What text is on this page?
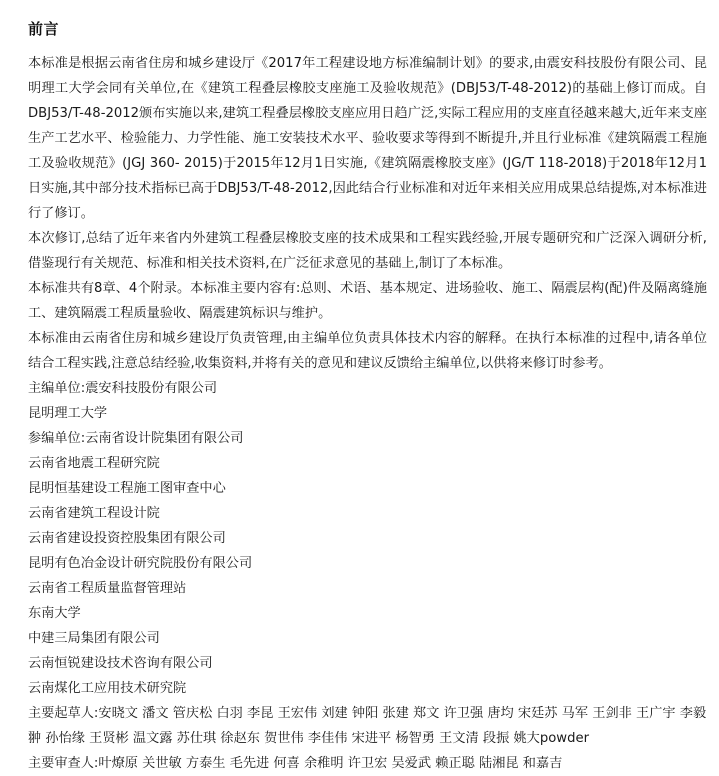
前言

本标准是根据云南省住房和城乡建设厅《2017年工程建设地方标准编制计划》的要求,由震安科技股份有限公司、昆明理工大学会同有关单位,在《建筑工程叠层橡胶支座施工及验收规范》(DBJ53/T-48-2012)的基础上修订而成。自DBJ53/T-48-2012颁布实施以来,建筑工程叠层橡胶支座应用日趋广泛,实际工程应用的支座直径越来越大,近年来支座生产工艺水平、检验能力、力学性能、施工安装技术水平、验收要求等得到不断提升,并且行业标准《建筑隔震工程施工及验收规范》(JGJ 360- 2015)于2015年12月1日实施,《建筑隔震橡胶支座》(JG/T 118-2018)于2018年12月1日实施,其中部分技术指标已高于DBJ53/T-48-2012,因此结合行业标准和对近年来相关应用成果总结提炼,对本标准进行了修订。

本次修订,总结了近年来省内外建筑工程叠层橡胶支座的技术成果和工程实践经验,开展专题研究和广泛深入调研分析,借鉴现行有关规范、标准和相关技术资料,在广泛征求意见的基础上,制订了本标准。

本标准共有8章、4个附录。本标准主要内容有:总则、术语、基本规定、进场验收、施工、隔震层构(配)件及隔离缝施工、建筑隔震工程质量验收、隔震建筑标识与维护。

本标准由云南省住房和城乡建设厅负责管理,由主编单位负责具体技术内容的解释。在执行本标准的过程中,请各单位结合工程实践,注意总结经验,收集资料,并将有关的意见和建议反馈给主编单位,以供将来修订时参考。

主编单位:震安科技股份有限公司

昆明理工大学

参编单位:云南省设计院集团有限公司

云南省地震工程研究院

昆明恒基建设工程施工图审查中心

云南省建筑工程设计院

云南省建设投资控股集团有限公司

昆明有色冶金设计研究院股份有限公司

云南省工程质量监督管理站

东南大学

中建三局集团有限公司

云南恒锐建设技术咨询有限公司

云南煤化工应用技术研究院

主要起草人:安晓文 潘文 管庆松 白羽 李昆 王宏伟 刘建 钟阳 张建 郑文 许卫强 唐均 宋廷苏 马军 王剑非 王广宇 李毅 翀 孙怡缘 王贤彬 温文露 苏仕琪 徐赵东 贺世伟 李佳伟 宋进平 杨智勇 王文清 段振 姚大powder

主要审查人:叶燎原 关世敏 方泰生 毛先进 何喜 余稚明 许卫宏 吴爱武 赖正聪 陆湘昆 和嘉吉
